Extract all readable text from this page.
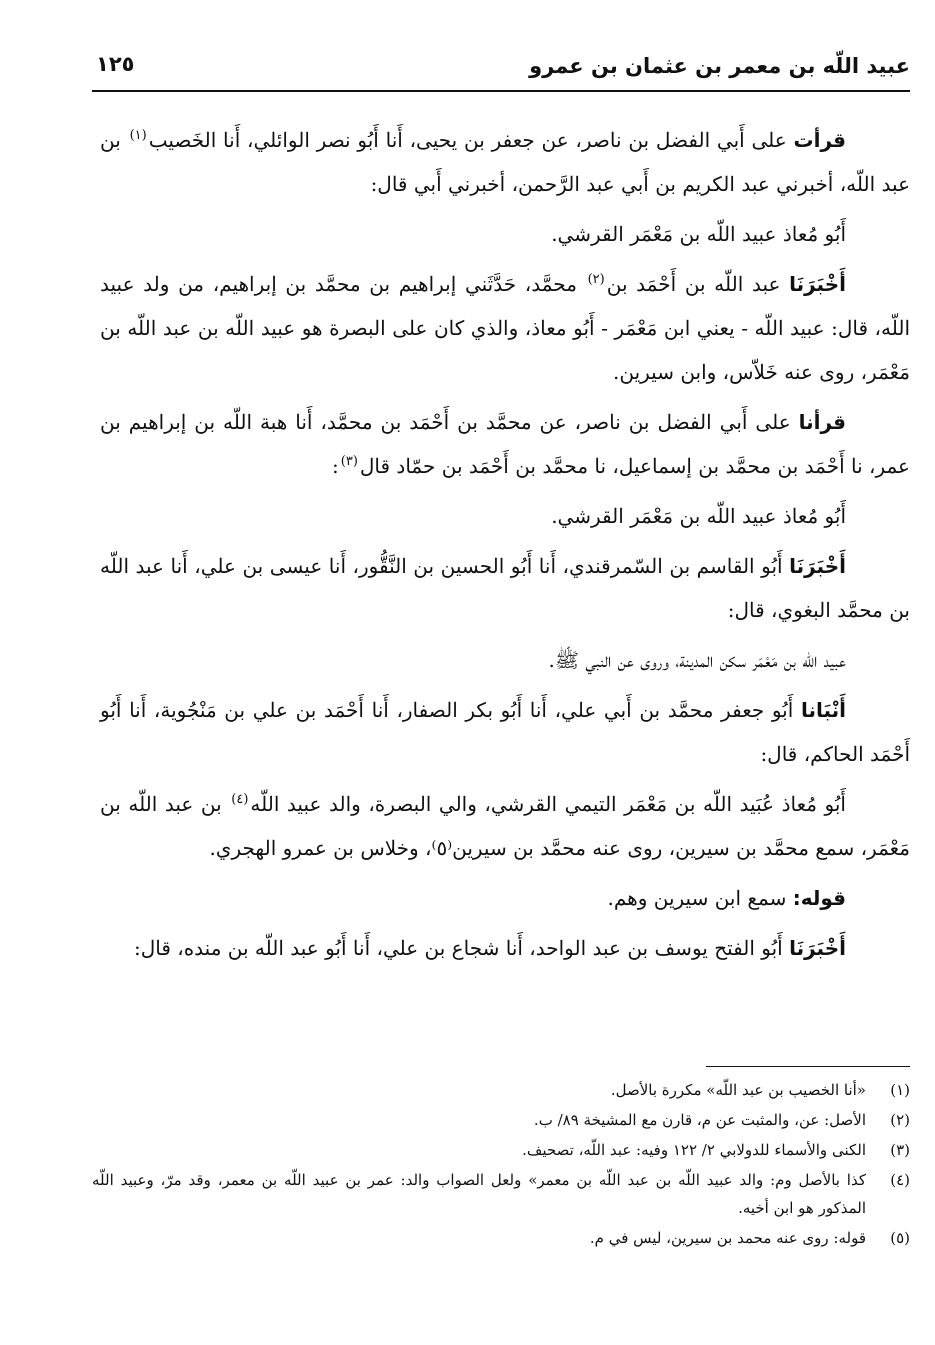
عبيد اللّه بن معمر بن عثمان بن عمرو
١٢٥

قرأت على أَبي الفضل بن ناصر، عن جعفر بن يحيى، أَنا أَبُو نصر الوائلي، أَنا الخَصيب$^{(١)}$ بن عبد اللّه، أخبرني عبد الكريم بن أَبي عبد الرَّحمن، أخبرني أَبي قال:

أَبُو مُعاذ عبيد اللّه بن مَعْمَر القرشي.

أَخْبَرَنَا عبد اللّه بن أَحْمَد بن$^{(٢)}$ محمَّد، حَدَّثَني إبراهيم بن محمَّد بن إبراهيم، من ولد عبيد اللّه، قال: عبيد اللّه - يعني ابن مَعْمَر - أَبُو معاذ، والذي كان على البصرة هو عبيد اللّه بن عبد اللّه بن مَعْمَر، روى عنه خَلاّس، وابن سيرين.

قرأنا على أَبي الفضل بن ناصر، عن محمَّد بن أَحْمَد بن محمَّد، أَنا هبة اللّه بن إبراهيم بن عمر، نا أَحْمَد بن محمَّد بن إسماعيل، نا محمَّد بن أَحْمَد بن حمّاد قال$^{(٣)}$:

أَبُو مُعاذ عبيد اللّه بن مَعْمَر القرشي.

أَخْبَرَنَا أَبُو القاسم بن السّمرقندي، أَنا أَبُو الحسين بن النَّقُّور، أَنا عيسى بن علي، أَنا عبد اللّه بن محمَّد البغوي، قال:

عبيد اللّه بن مَعْمَر سكن المدينة، وروى عن النبي ﷺ.

أَنْبَانا أَبُو جعفر محمَّد بن أَبي علي، أَنا أَبُو بكر الصفار، أَنا أَحْمَد بن علي بن مَنْجُوية، أَنا أَبُو أَحْمَد الحاكم، قال:

أَبُو مُعاذ عُبَيد اللّه بن مَعْمَر التيمي القرشي، والي البصرة، والد عبيد اللّه$^{(٤)}$ بن عبد اللّه بن مَعْمَر، سمع محمَّد بن سيرين، روى عنه محمَّد بن سيرين⁽٥⁾، وخلاس بن عمرو الهجري.

قوله: سمع ابن سيرين وهم.

أَخْبَرَنَا أَبُو الفتح يوسف بن عبد الواحد، أَنا شجاع بن علي، أَنا أَبُو عبد اللّه بن منده، قال:

(١)
«أنا الخصيب بن عبد اللّه» مكررة بالأصل.
(٢)
الأصل: عن، والمثبت عن م، قارن مع المشيخة ٨٩/ ب.
(٣)
الكنى والأسماء للدولابي ٢/ ١٢٢ وفيه: عبد اللّه، تصحيف.
(٤)
كذا بالأصل وم: والد عبيد اللّه بن عبد اللّه بن معمر» ولعل الصواب والد: عمر بن عبيد اللّه بن معمر، وقد مرّ، وعبيد اللّه المذكور هو ابن أخيه.
(٥)
قوله: روى عنه محمد بن سيرين، ليس في م.
